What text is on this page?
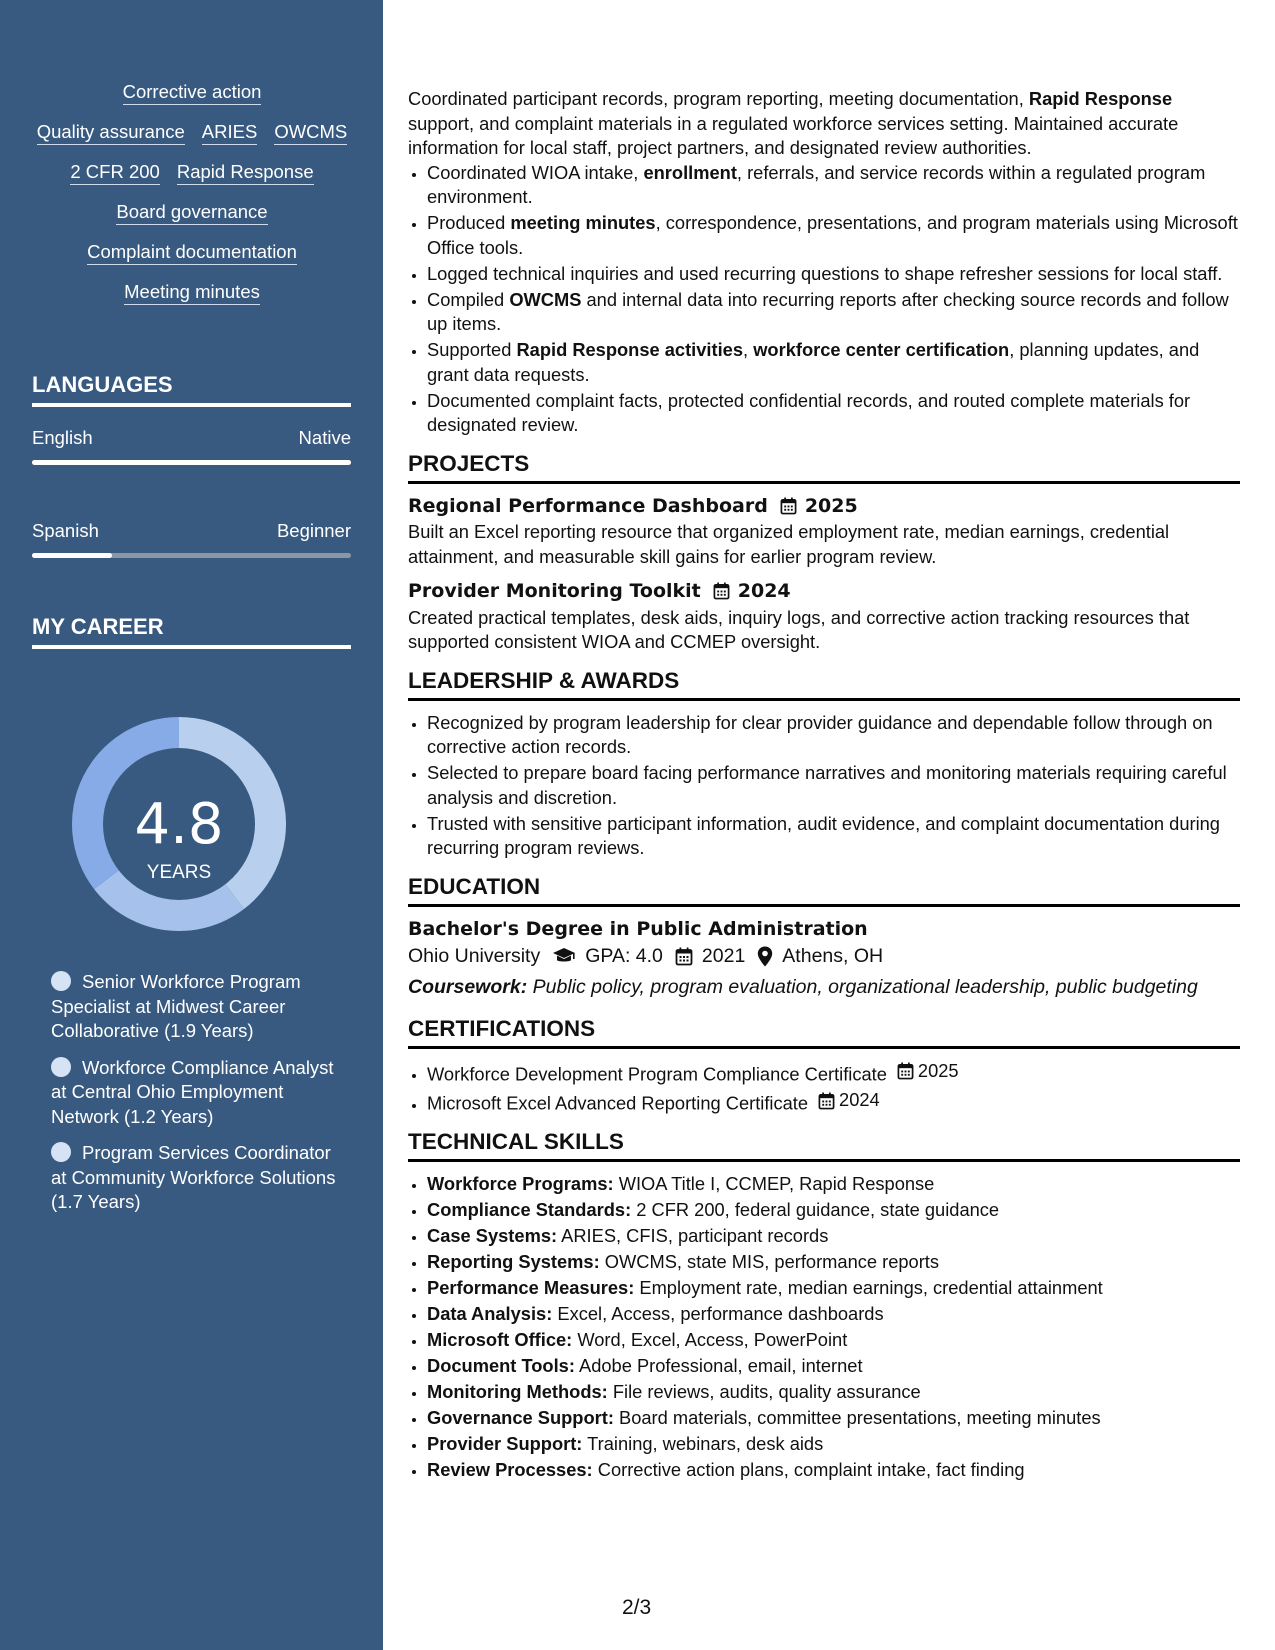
Corrective action
Quality assurance ARIES OWCMS
2 CFR 200 Rapid Response
Board governance
Complaint documentation
Meeting minutes
LANGUAGES
English	Native
Spanish	Beginner
MY CAREER
4.8
YEARS
Senior Workforce Program Specialist at Midwest Career Collaborative (1.9 Years)
Workforce Compliance Analyst at Central Ohio Employment Network (1.2 Years)
Program Services Coordinator at Community Workforce Solutions (1.7 Years)

Coordinated participant records, program reporting, meeting documentation, Rapid Response support, and complaint materials in a regulated workforce services setting. Maintained accurate information for local staff, project partners, and designated review authorities.

• Coordinated WIOA intake, enrollment, referrals, and service records within a regulated program environment.
• Produced meeting minutes, correspondence, presentations, and program materials using Microsoft Office tools.
• Logged technical inquiries and used recurring questions to shape refresher sessions for local staff.
• Compiled OWCMS and internal data into recurring reports after checking source records and follow up items.
• Supported Rapid Response activities, workforce center certification, planning updates, and grant data requests.
• Documented complaint facts, protected confidential records, and routed complete materials for designated review.
PROJECTS
Regional Performance Dashboard 2025
Built an Excel reporting resource that organized employment rate, median earnings, credential attainment, and measurable skill gains for earlier program review.
Provider Monitoring Toolkit 2024
Created practical templates, desk aids, inquiry logs, and corrective action tracking resources that supported consistent WIOA and CCMEP oversight.
LEADERSHIP & AWARDS
• Recognized by program leadership for clear provider guidance and dependable follow through on corrective action records.
• Selected to prepare board facing performance narratives and monitoring materials requiring careful analysis and discretion.
• Trusted with sensitive participant information, audit evidence, and complaint documentation during recurring program reviews.
EDUCATION
Bachelor's Degree in Public Administration
Ohio University GPA: 4.0 2021 Athens, OH
Coursework: Public policy, program evaluation, organizational leadership, public budgeting
CERTIFICATIONS
• Workforce Development Program Compliance Certificate 2025
• Microsoft Excel Advanced Reporting Certificate 2024
TECHNICAL SKILLS
• Workforce Programs: WIOA Title I, CCMEP, Rapid Response
• Compliance Standards: 2 CFR 200, federal guidance, state guidance
• Case Systems: ARIES, CFIS, participant records
• Reporting Systems: OWCMS, state MIS, performance reports
• Performance Measures: Employment rate, median earnings, credential attainment
• Data Analysis: Excel, Access, performance dashboards
• Microsoft Office: Word, Excel, Access, PowerPoint
• Document Tools: Adobe Professional, email, internet
• Monitoring Methods: File reviews, audits, quality assurance
• Governance Support: Board materials, committee presentations, meeting minutes
• Provider Support: Training, webinars, desk aids
• Review Processes: Corrective action plans, complaint intake, fact finding
2/3
